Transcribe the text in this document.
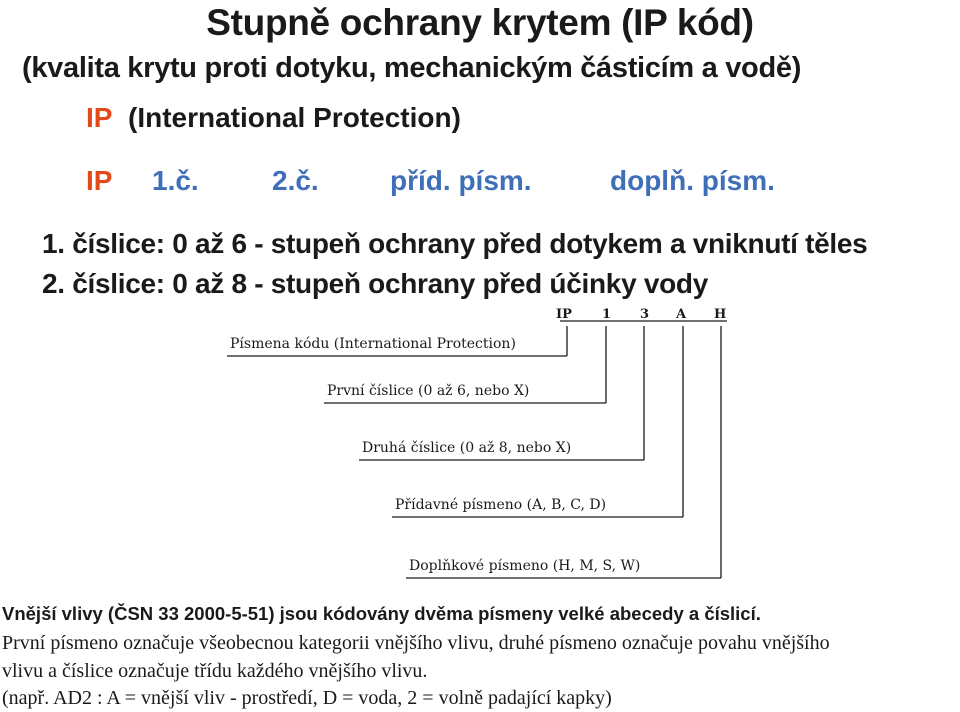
Stupně ochrany krytem (IP kód)
(kvalita krytu proti dotyku, mechanickým částicím a vodě)
IP (International Protection)
IP 1.č.	2.č.	příd. písm.	doplň. písm.
1. číslice: 0 až 6 - stupeň ochrany před dotykem a vniknutí těles
2. číslice: 0 až 8 - stupeň ochrany před účinky vody
IP 1 3 A H
Písmena kódu (International Protection)
První číslice (0 až 6, nebo X)
Druhá číslice (0 až 8, nebo X)
Přídavné písmeno (A, B, C, D)
Doplňkové písmeno (H, M, S, W)
Vnější vlivy (ČSN 33 2000-5-51) jsou kódovány dvěma písmeny velké abecedy a číslicí.
První písmeno označuje všeobecnou kategorii vnějšího vlivu, druhé písmeno označuje povahu vnějšího
vlivu a číslice označuje třídu každého vnějšího vlivu.
(např. AD2 : A = vnější vliv - prostředí, D = voda, 2 = volně padající kapky)
